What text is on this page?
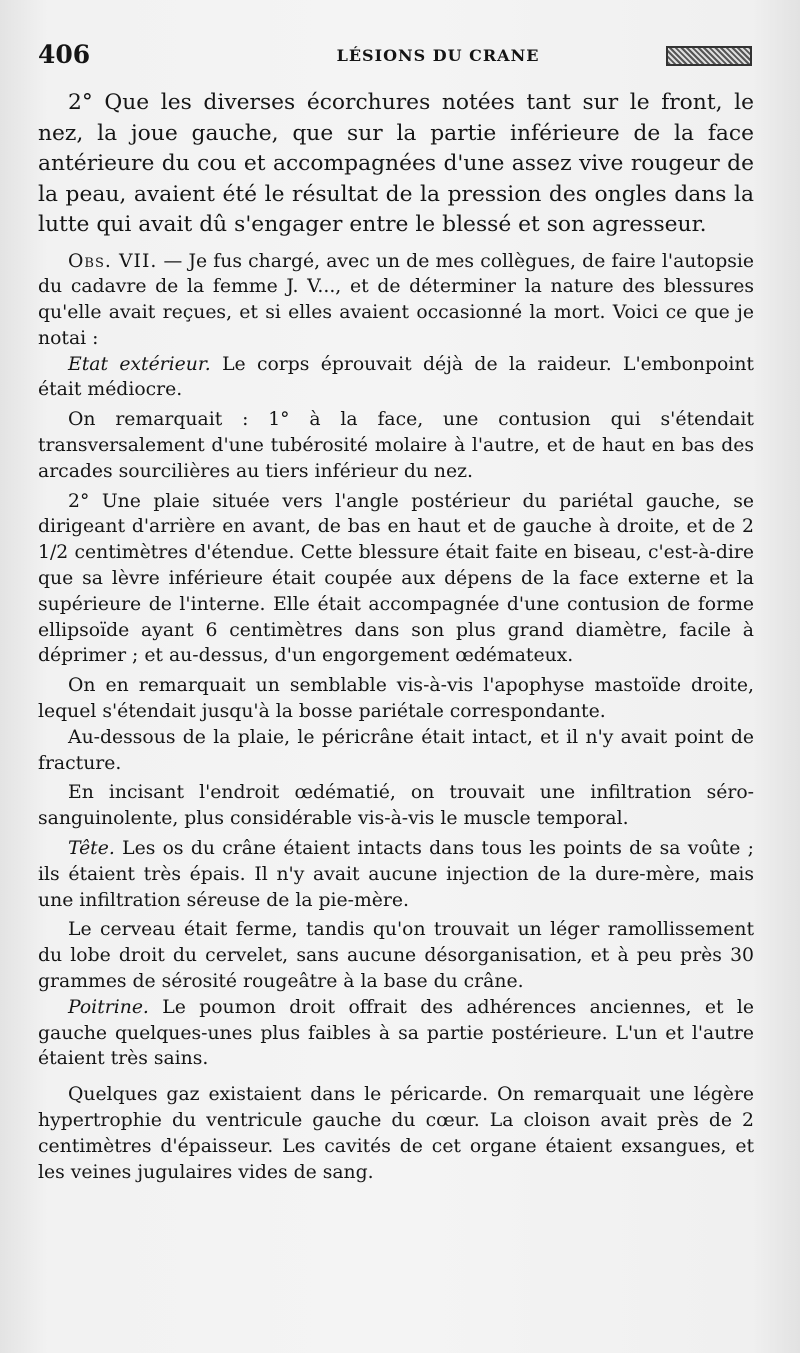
406	LÉSIONS DU CRANE

2° Que les diverses écorchures notées tant sur le front, le nez, la joue gauche, que sur la partie inférieure de la face antérieure du cou et accompagnées d'une assez vive rougeur de la peau, avaient été le résultat de la pression des ongles dans la lutte qui avait dû s'engager entre le blessé et son agresseur.

Obs. VII. — Je fus chargé, avec un de mes collègues, de faire l'autopsie du cadavre de la femme J. V..., et de déterminer la nature des blessures qu'elle avait reçues, et si elles avaient occasionné la mort. Voici ce que je notai :

Etat extérieur. Le corps éprouvait déjà de la raideur. L'embonpoint était médiocre.

On remarquait : 1° à la face, une contusion qui s'étendait transversalement d'une tubérosité molaire à l'autre, et de haut en bas des arcades sourcilières au tiers inférieur du nez.

2° Une plaie située vers l'angle postérieur du pariétal gauche, se dirigeant d'arrière en avant, de bas en haut et de gauche à droite, et de 2 1/2 centimètres d'étendue. Cette blessure était faite en biseau, c'est-à-dire que sa lèvre inférieure était coupée aux dépens de la face externe et la supérieure de l'interne. Elle était accompagnée d'une contusion de forme ellipsoïde ayant 6 centimètres dans son plus grand diamètre, facile à déprimer ; et au-dessus, d'un engorgement œdémateux.

On en remarquait un semblable vis-à-vis l'apophyse mastoïde droite, lequel s'étendait jusqu'à la bosse pariétale correspondante.

Au-dessous de la plaie, le péricrâne était intact, et il n'y avait point de fracture.

En incisant l'endroit œdématié, on trouvait une infiltration séro-sanguinolente, plus considérable vis-à-vis le muscle temporal.

Tête. Les os du crâne étaient intacts dans tous les points de sa voûte ; ils étaient très épais. Il n'y avait aucune injection de la dure-mère, mais une infiltration séreuse de la pie-mère.

Le cerveau était ferme, tandis qu'on trouvait un léger ramollissement du lobe droit du cervelet, sans aucune désorganisation, et à peu près 30 grammes de sérosité rougeâtre à la base du crâne.

Poitrine. Le poumon droit offrait des adhérences anciennes, et le gauche quelques-unes plus faibles à sa partie postérieure. L'un et l'autre étaient très sains.

Quelques gaz existaient dans le péricarde. On remarquait une légère hypertrophie du ventricule gauche du cœur. La cloison avait près de 2 centimètres d'épaisseur. Les cavités de cet organe étaient exsangues, et les veines jugulaires vides de sang.
